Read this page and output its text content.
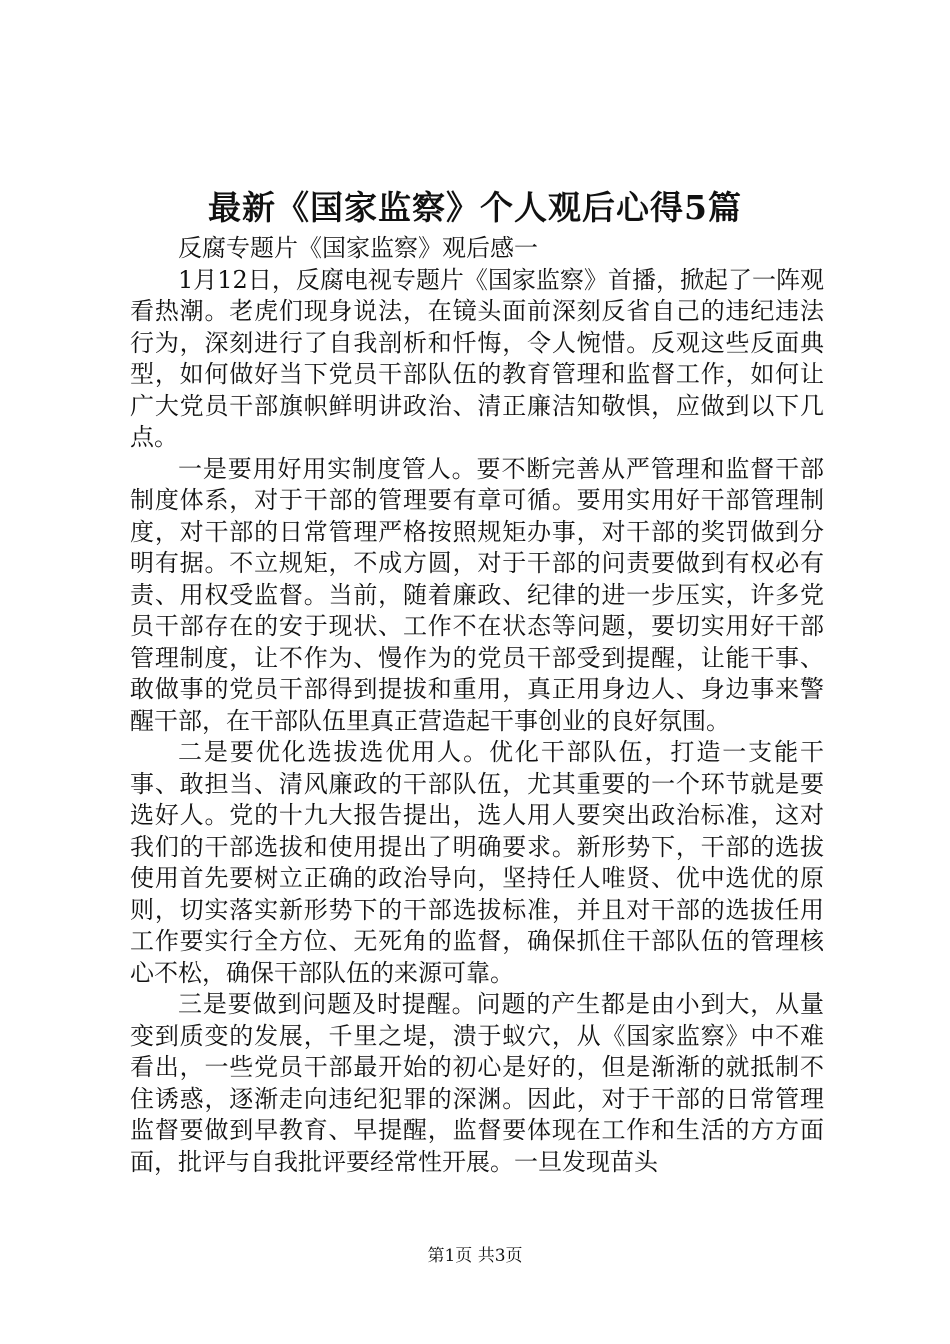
最新《国家监察》个人观后心得5篇

反腐专题片《国家监察》观后感一

1月12日，反腐电视专题片《国家监察》首播，掀起了一阵观看热潮。老虎们现身说法，在镜头面前深刻反省自己的违纪违法行为，深刻进行了自我剖析和忏悔，令人惋惜。反观这些反面典型，如何做好当下党员干部队伍的教育管理和监督工作，如何让广大党员干部旗帜鲜明讲政治、清正廉洁知敬惧，应做到以下几点。

一是要用好用实制度管人。要不断完善从严管理和监督干部制度体系，对于干部的管理要有章可循。要用实用好干部管理制度，对干部的日常管理严格按照规矩办事，对干部的奖罚做到分明有据。不立规矩，不成方圆，对于干部的问责要做到有权必有责、用权受监督。当前，随着廉政、纪律的进一步压实，许多党员干部存在的安于现状、工作不在状态等问题，要切实用好干部管理制度，让不作为、慢作为的党员干部受到提醒，让能干事、敢做事的党员干部得到提拔和重用，真正用身边人、身边事来警醒干部，在干部队伍里真正营造起干事创业的良好氛围。

二是要优化选拔选优用人。优化干部队伍，打造一支能干事、敢担当、清风廉政的干部队伍，尤其重要的一个环节就是要选好人。党的十九大报告提出，选人用人要突出政治标准，这对我们的干部选拔和使用提出了明确要求。新形势下，干部的选拔使用首先要树立正确的政治导向，坚持任人唯贤、优中选优的原则，切实落实新形势下的干部选拔标准，并且对干部的选拔任用工作要实行全方位、无死角的监督，确保抓住干部队伍的管理核心不松，确保干部队伍的来源可靠。

三是要做到问题及时提醒。问题的产生都是由小到大，从量变到质变的发展，千里之堤，溃于蚁穴，从《国家监察》中不难看出，一些党员干部最开始的初心是好的，但是渐渐的就抵制不住诱惑，逐渐走向违纪犯罪的深渊。因此，对于干部的日常管理监督要做到早教育、早提醒，监督要体现在工作和生活的方方面面，批评与自我批评要经常性开展。一旦发现苗头

第1页 共3页
